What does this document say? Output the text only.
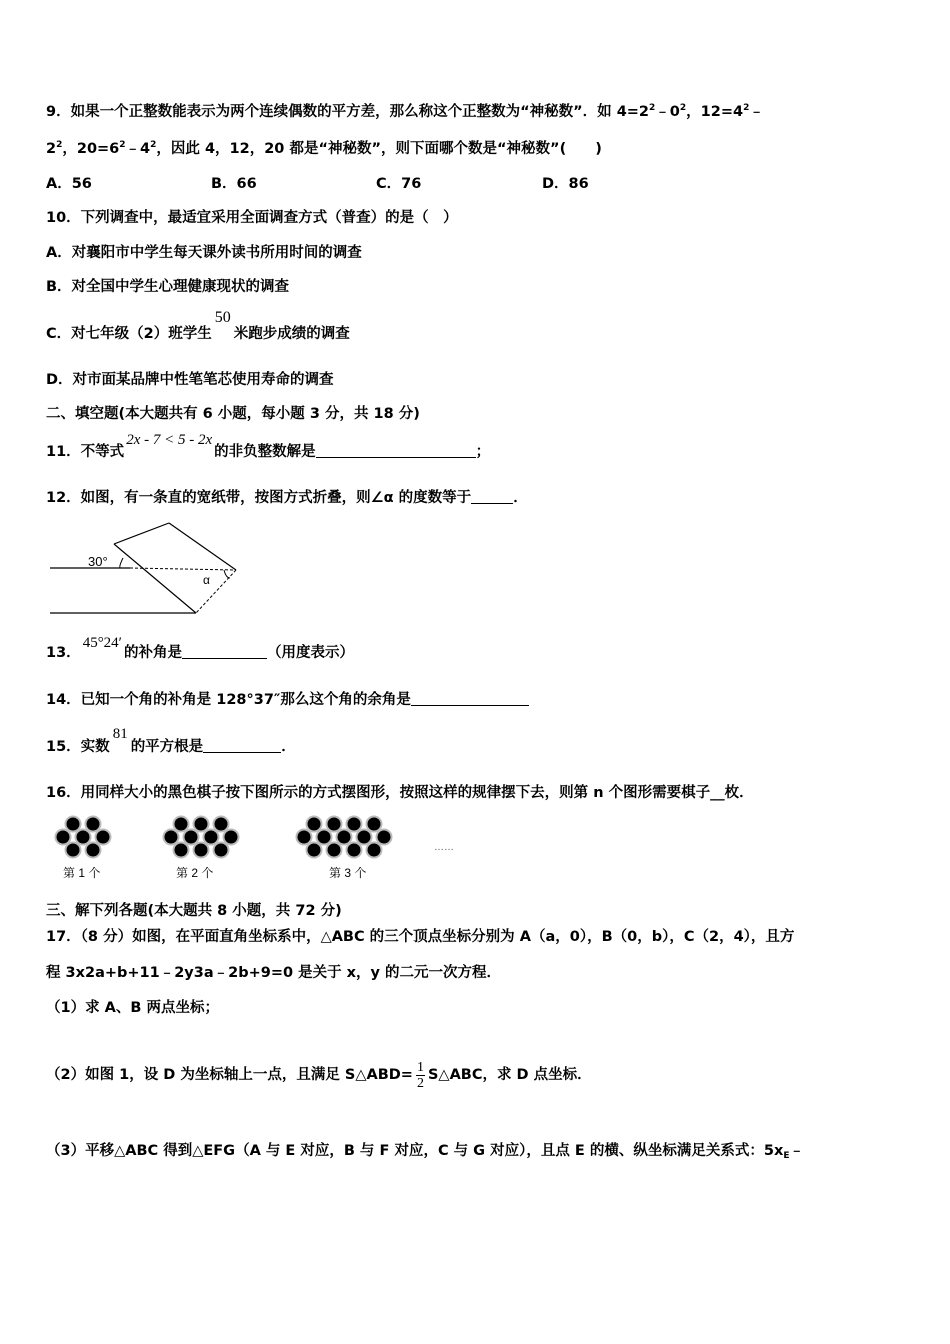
9．如果一个正整数能表示为两个连续偶数的平方差，那么称这个正整数为“神秘数”．如 $4=2^2﹣0^2$，$12=4^2﹣$
$2^2$，$20=6^2﹣4^2$，因此 4，12，20 都是“神秘数”，则下面哪个数是“神秘数”(　　)
A．56	B．66	C．76	D．86
10．下列调查中，最适宜采用全面调查方式（普查）的是（　）
A．对襄阳市中学生每天课外读书所用时间的调查
B．对全国中学生心理健康现状的调查
C．对七年级（2）班学生50米跑步成绩的调查
D．对市面某品牌中性笔笔芯使用寿命的调查
二、填空题(本大题共有 6 小题，每小题 3 分，共 18 分)
11．不等式2x - 7 < 5 - 2x的非负整数解是	；
12．如图，有一条直的宽纸带，按图方式折叠，则∠α 的度数等于	．
30°
α
13．45°24′的补角是	（用度表示）
14．已知一个角的补角是 128°37″那么这个角的余角是
15．实数81的平方根是	．
16．用同样大小的黑色棋子按下图所示的方式摆图形，按照这样的规律摆下去，则第 n 个图形需要棋子__枚．
第 1 个	第 2 个	第 3 个
……
三、解下列各题(本大题共 8 小题，共 72 分)
17．（8 分）如图，在平面直角坐标系中，△ABC 的三个顶点坐标分别为 A（a，0），B（0，b），C（2，4），且方
程 3x2a+b+11﹣2y3a﹣2b+9=0 是关于 x，y 的二元一次方程．
（1）求 A、B 两点坐标；
（2）如图 1，设 D 为坐标轴上一点，且满足 S△ABD= $\frac{1}{2}$ S△ABC，求 D 点坐标．
（3）平移△ABC 得到△EFG（A 与 E 对应，B 与 F 对应，C 与 G 对应），且点 E 的横、纵坐标满足关系式：$5x_E﹣$
